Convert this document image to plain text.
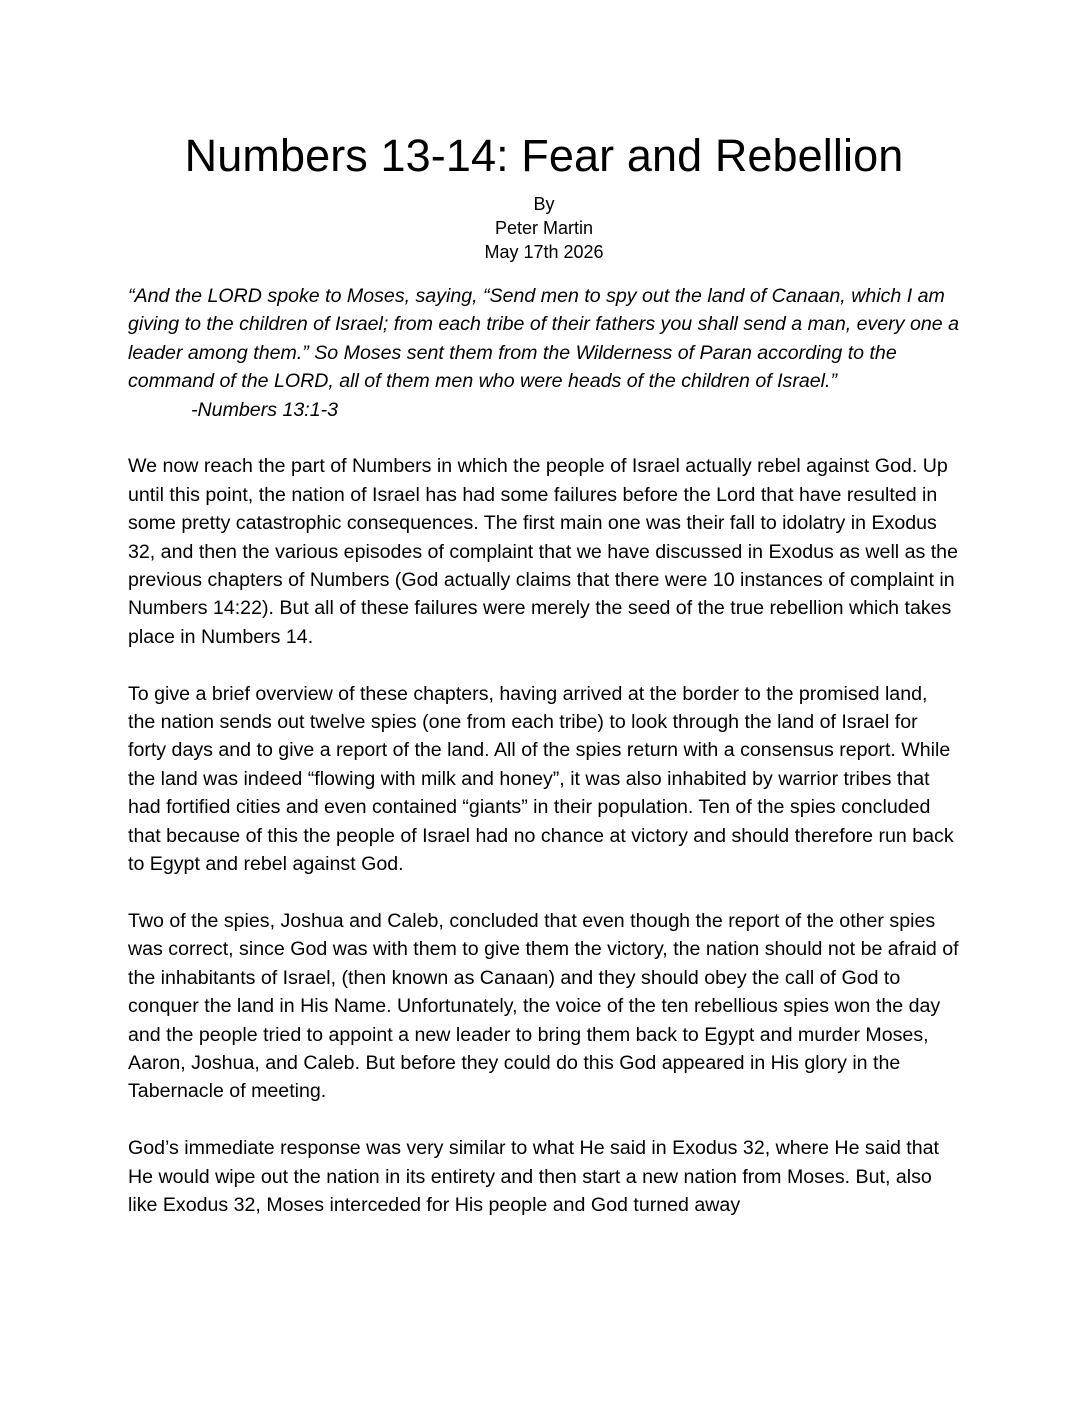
Numbers 13-14: Fear and Rebellion
By
Peter Martin
May 17th 2026

“And the LORD spoke to Moses, saying, “Send men to spy out the land of Canaan, which I am giving to the children of Israel; from each tribe of their fathers you shall send a man, every one a leader among them.” So Moses sent them from the Wilderness of Paran according to the command of the LORD, all of them men who were heads of the children of Israel.”

-Numbers 13:1-3

We now reach the part of Numbers in which the people of Israel actually rebel against God. Up until this point, the nation of Israel has had some failures before the Lord that have resulted in some pretty catastrophic consequences. The first main one was their fall to idolatry in Exodus 32, and then the various episodes of complaint that we have discussed in Exodus as well as the previous chapters of Numbers (God actually claims that there were 10 instances of complaint in Numbers 14:22). But all of these failures were merely the seed of the true rebellion which takes place in Numbers 14.

To give a brief overview of these chapters, having arrived at the border to the promised land, the nation sends out twelve spies (one from each tribe) to look through the land of Israel for forty days and to give a report of the land. All of the spies return with a consensus report. While the land was indeed “flowing with milk and honey”, it was also inhabited by warrior tribes that had fortified cities and even contained “giants” in their population. Ten of the spies concluded that because of this the people of Israel had no chance at victory and should therefore run back to Egypt and rebel against God.

Two of the spies, Joshua and Caleb, concluded that even though the report of the other spies was correct, since God was with them to give them the victory, the nation should not be afraid of the inhabitants of Israel, (then known as Canaan) and they should obey the call of God to conquer the land in His Name. Unfortunately, the voice of the ten rebellious spies won the day and the people tried to appoint a new leader to bring them back to Egypt and murder Moses, Aaron, Joshua, and Caleb. But before they could do this God appeared in His glory in the Tabernacle of meeting.

God’s immediate response was very similar to what He said in Exodus 32, where He said that He would wipe out the nation in its entirety and then start a new nation from Moses. But, also like Exodus 32, Moses interceded for His people and God turned away
